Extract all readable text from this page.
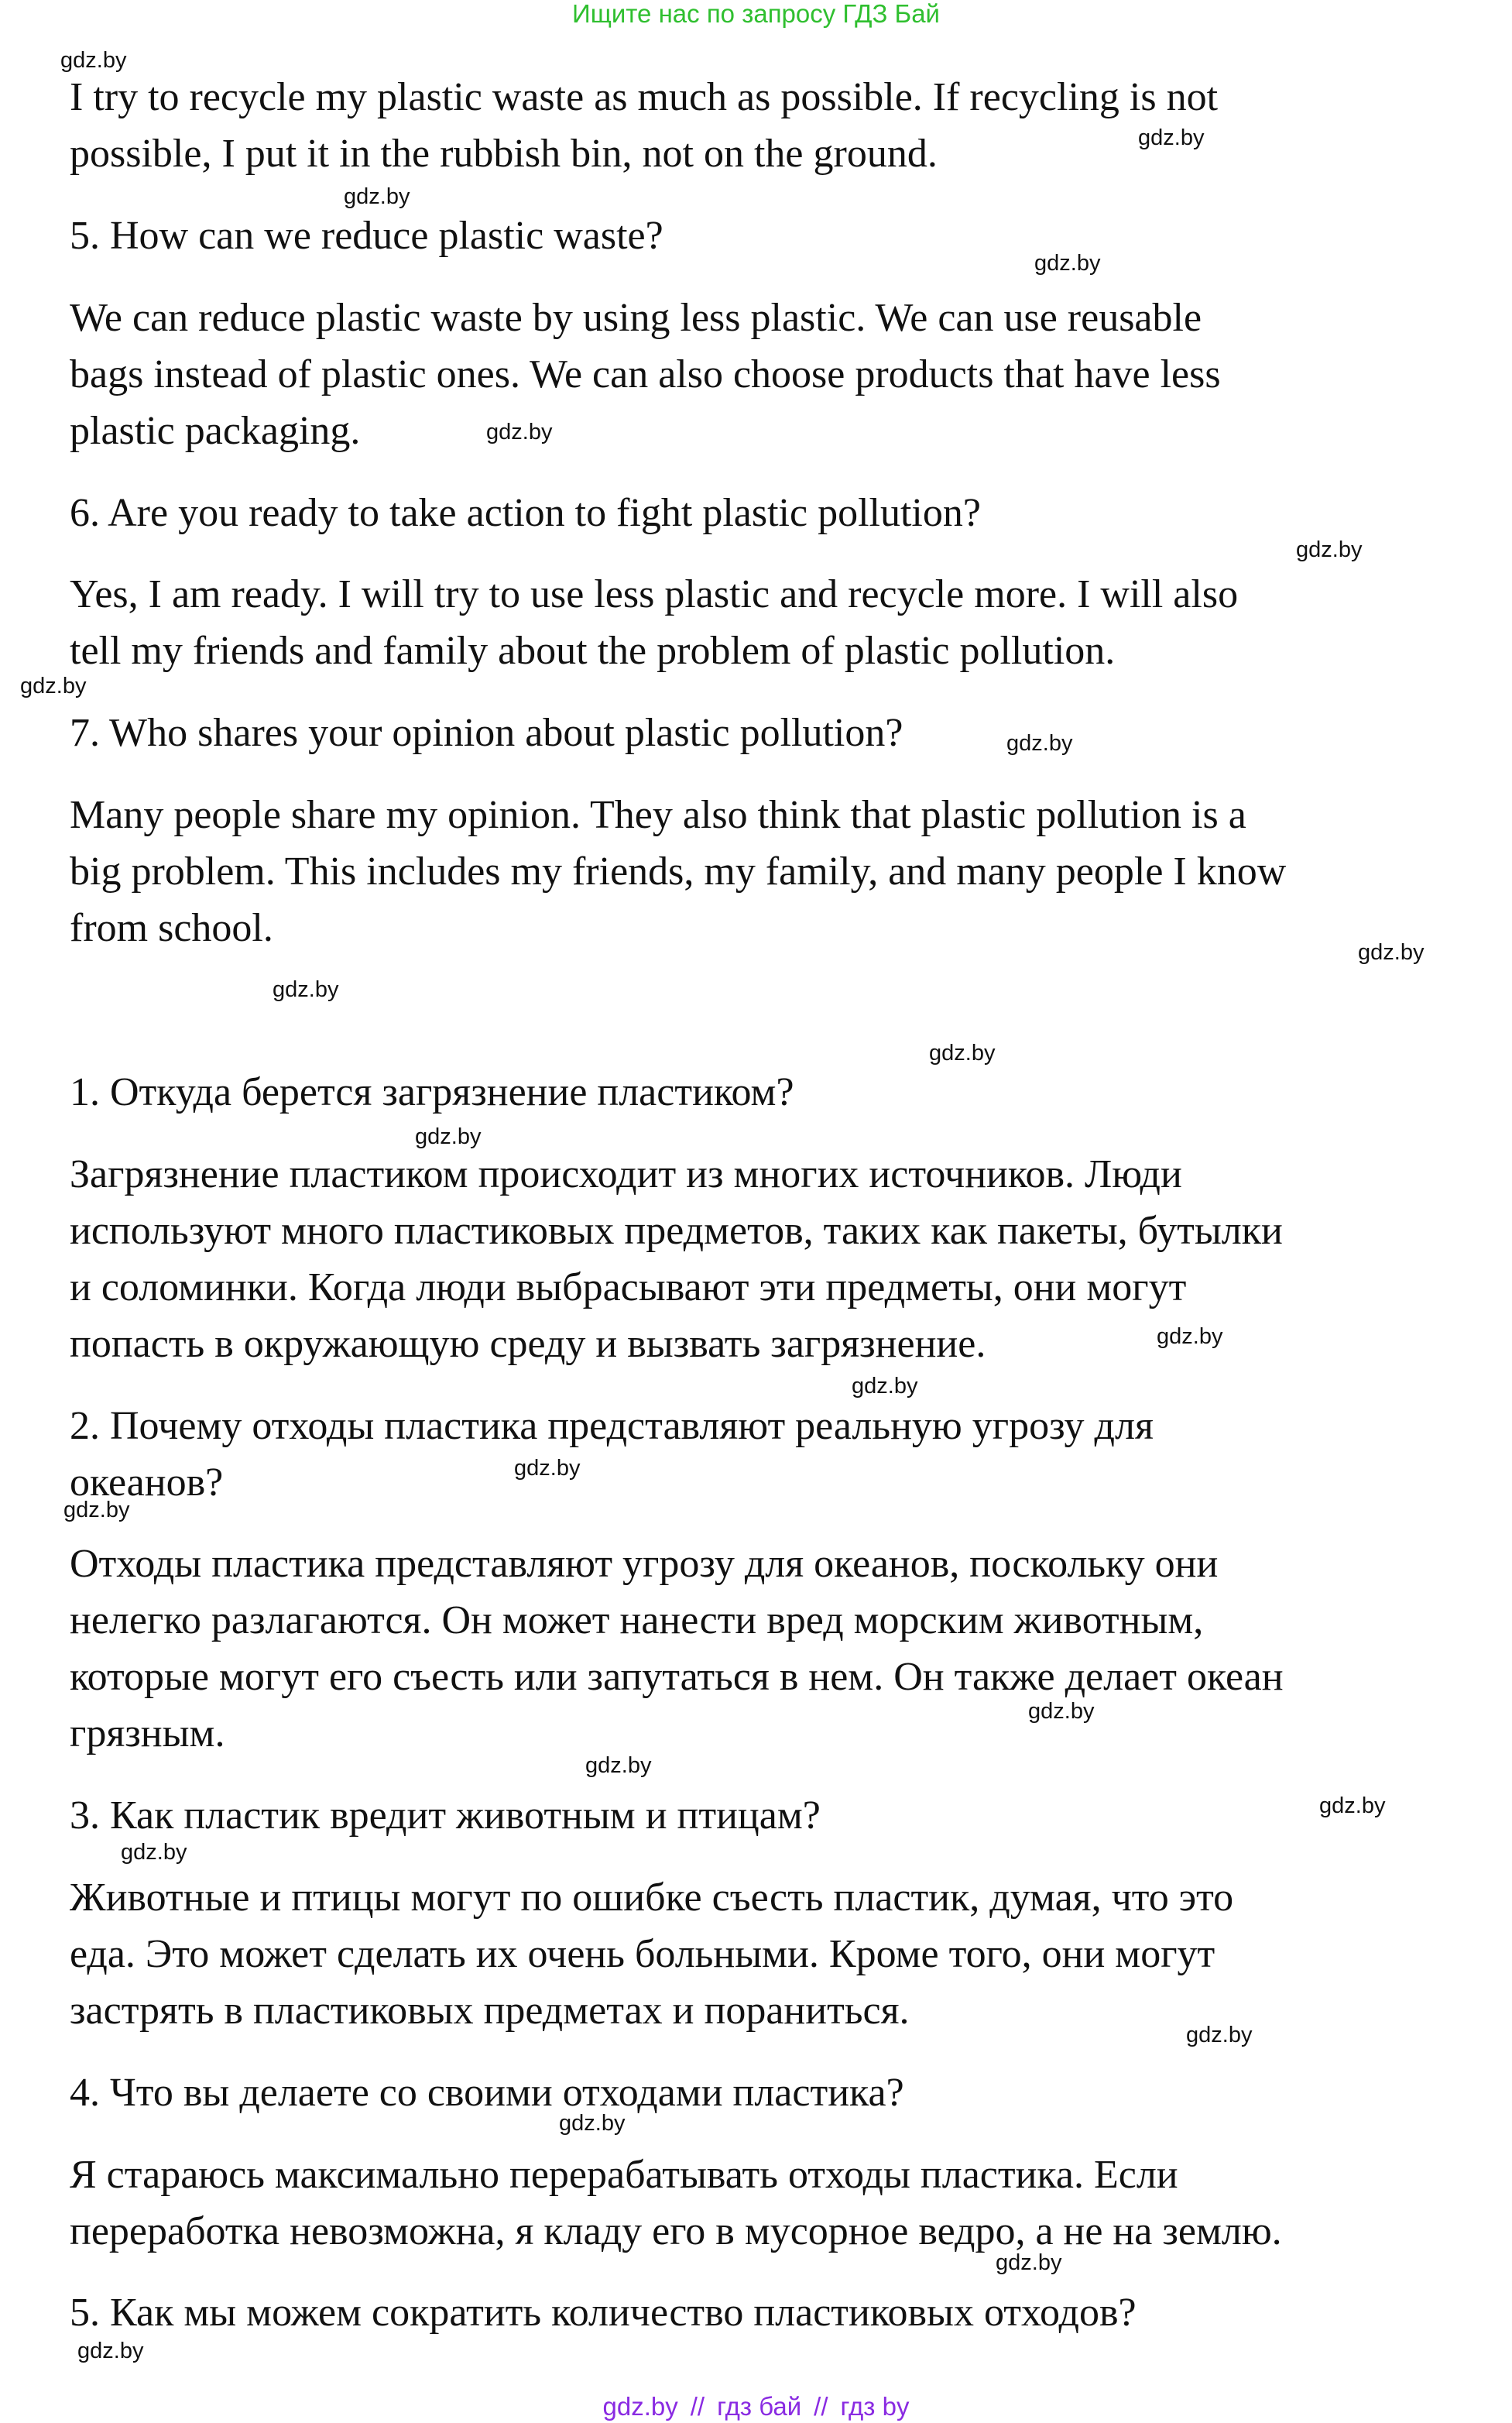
Ищите нас по запросу ГДЗ Бай
I try to recycle my plastic waste as much as possible. If recycling is not
possible, I put it in the rubbish bin, not on the ground.
5. How can we reduce plastic waste?
We can reduce plastic waste by using less plastic. We can use reusable
bags instead of plastic ones. We can also choose products that have less
plastic packaging.
6. Are you ready to take action to fight plastic pollution?
Yes, I am ready. I will try to use less plastic and recycle more. I will also
tell my friends and family about the problem of plastic pollution.
7. Who shares your opinion about plastic pollution?
Many people share my opinion. They also think that plastic pollution is a
big problem. This includes my friends, my family, and many people I know
from school.
1. Откуда берется загрязнение пластиком?
Загрязнение пластиком происходит из многих источников. Люди
используют много пластиковых предметов, таких как пакеты, бутылки
и соломинки. Когда люди выбрасывают эти предметы, они могут
попасть в окружающую среду и вызвать загрязнение.
2. Почему отходы пластика представляют реальную угрозу для
океанов?
Отходы пластика представляют угрозу для океанов, поскольку они
нелегко разлагаются. Он может нанести вред морским животным,
которые могут его съесть или запутаться в нем. Он также делает океан
грязным.
3. Как пластик вредит животным и птицам?
Животные и птицы могут по ошибке съесть пластик, думая, что это
еда. Это может сделать их очень больными. Кроме того, они могут
застрять в пластиковых предметах и пораниться.
4. Что вы делаете со своими отходами пластика?
Я стараюсь максимально перерабатывать отходы пластика. Если
переработка невозможна, я кладу его в мусорное ведро, а не на землю.
5. Как мы можем сократить количество пластиковых отходов?
gdz.by
gdz.by
gdz.by
gdz.by
gdz.by
gdz.by
gdz.by
gdz.by
gdz.by
gdz.by
gdz.by
gdz.by
gdz.by
gdz.by
gdz.by
gdz.by
gdz.by
gdz.by
gdz.by
gdz.by
gdz.by
gdz.by
gdz.by
gdz.by
gdz.by // гдз бай // гдз by
